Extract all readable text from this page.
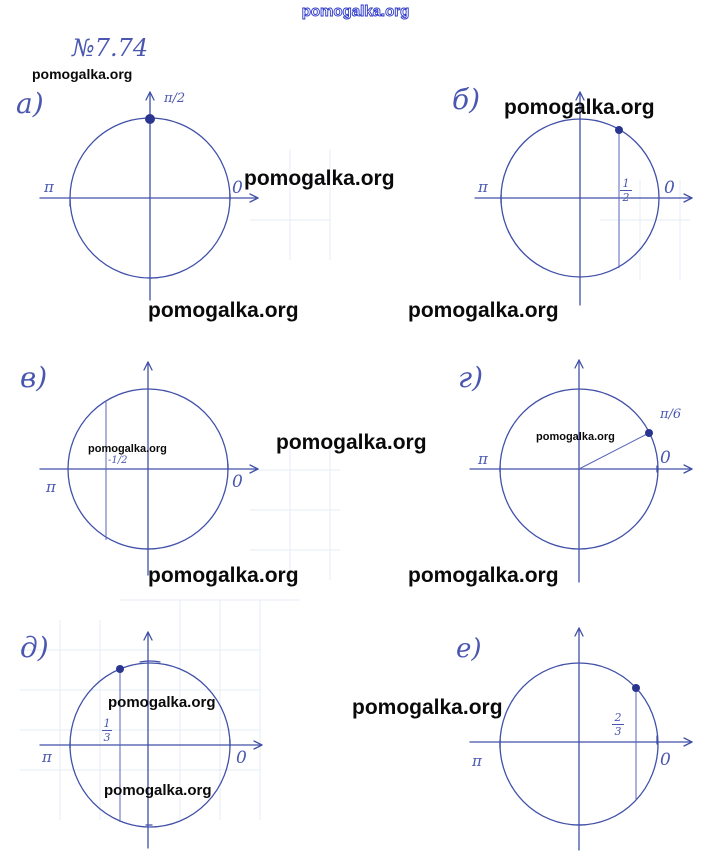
pomogalka.org
№7.74
a)	π/2
π	0
б)
1
2
π	0
в)
-1/2
π	0
г)
π/6
π	0
д)
1
3
π	0
е)
2
3
π	0
pomogalka.org
pomogalka.org
pomogalka.org
pomogalka.org	pomogalka.org
pomogalka.org
pomogalka.org
pomogalka.org
pomogalka.org	pomogalka.org
pomogalka.org	pomogalka.org
pomogalka.org
